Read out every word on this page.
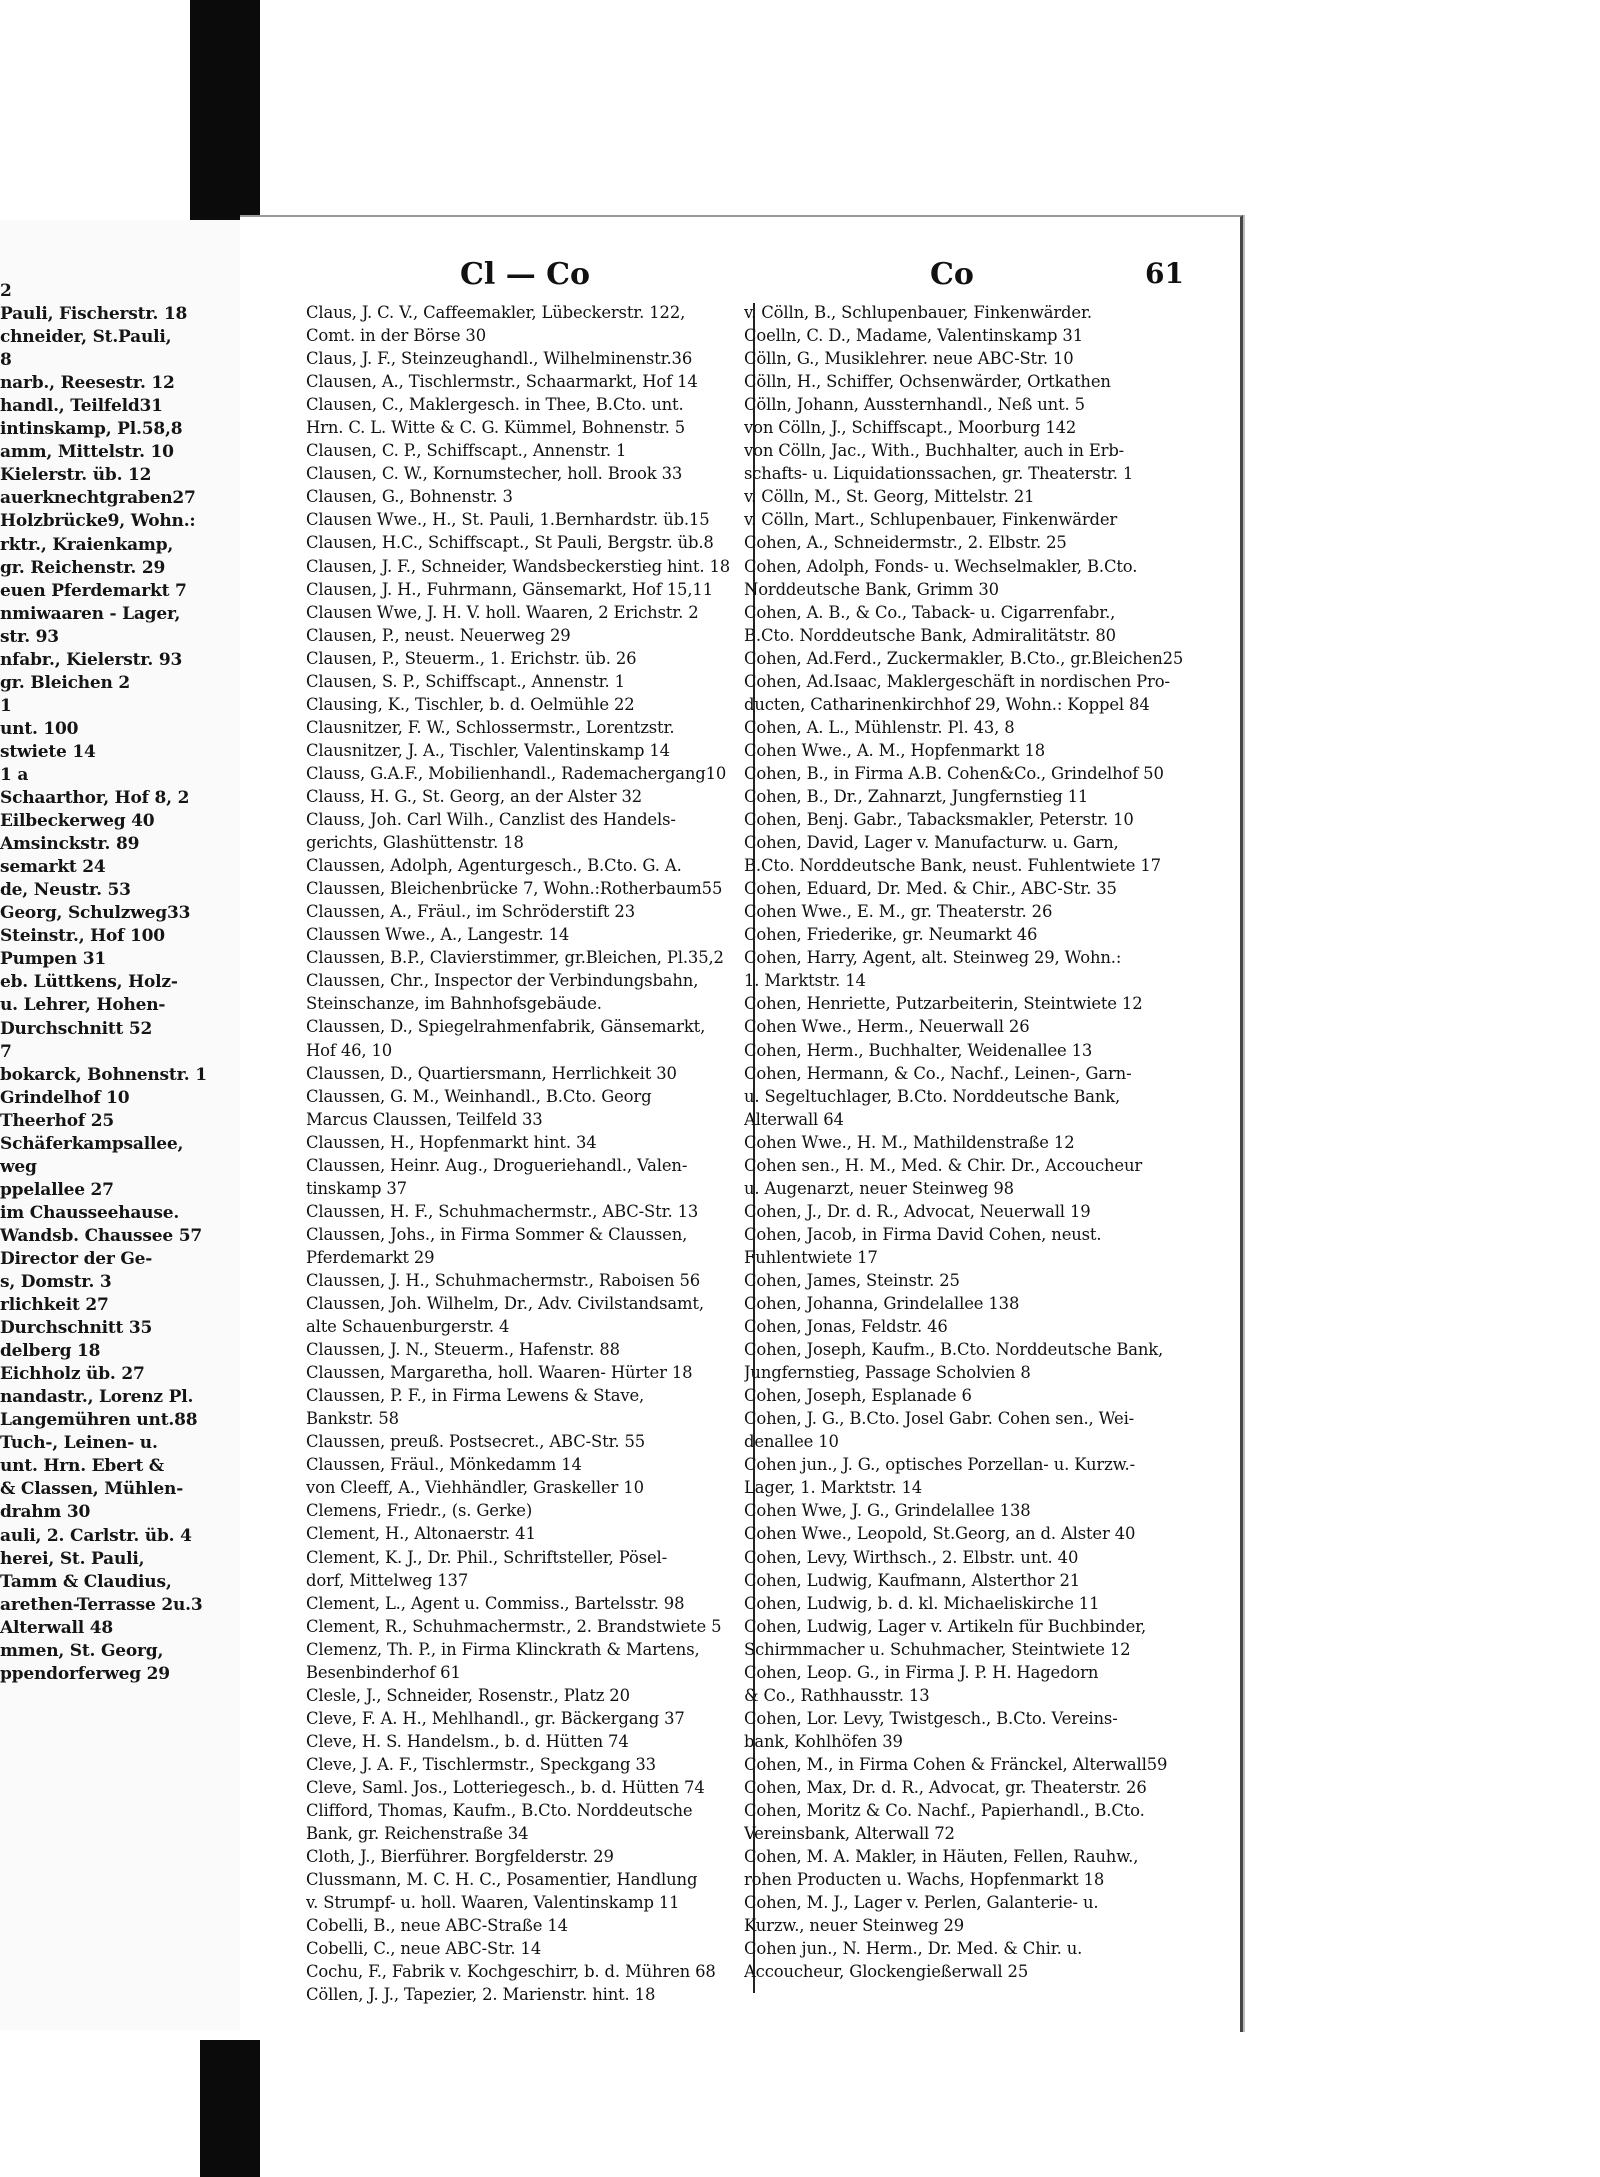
2
Pauli, Fischerstr. 18
chneider, St.Pauli,
8
narb., Reesestr. 12
handl., Teilfeld31
intinskamp, Pl.58,8
amm, Mittelstr. 10
Kielerstr. üb. 12
auerknechtgraben27
Holzbrücke9, Wohn.:
rktr., Kraienkamp,
gr. Reichenstr. 29
euen Pferdemarkt 7
nmiwaaren - Lager,
str. 93
nfabr., Kielerstr. 93
gr. Bleichen 2
1
unt. 100
stwiete 14
1 a
Schaarthor, Hof 8, 2
Eilbeckerweg 40
Amsinckstr. 89
semarkt 24
de, Neustr. 53
Georg, Schulzweg33
Steinstr., Hof 100
Pumpen 31
eb. Lüttkens, Holz-
u. Lehrer, Hohen-
Durchschnitt 52
7
bokarck, Bohnenstr. 1
Grindelhof 10
Theerhof 25
Schäferkampsallee,
weg
ppelallee 27
im Chausseehause.
Wandsb. Chaussee 57
Director der Ge-
s, Domstr. 3
rlichkeit 27
Durchschnitt 35
delberg 18
Eichholz üb. 27
nandastr., Lorenz Pl.
Langemühren unt.88
Tuch-, Leinen- u.
unt. Hrn. Ebert &
& Classen, Mühlen-
drahm 30
auli, 2. Carlstr. üb. 4
herei, St. Pauli,
Tamm & Claudius,
arethen-Terrasse 2u.3
Alterwall 48
mmen, St. Georg,
ppendorferweg 29
Cl — Co	Co	61
Claus, J. C. V., Caffeemakler, Lübeckerstr. 122,
Comt. in der Börse 30
Claus, J. F., Steinzeughandl., Wilhelminenstr.36
Clausen, A., Tischlermstr., Schaarmarkt, Hof 14
Clausen, C., Maklergesch. in Thee, B.Cto. unt.
Hrn. C. L. Witte & C. G. Kümmel, Bohnenstr. 5
Clausen, C. P., Schiffscapt., Annenstr. 1
Clausen, C. W., Kornumstecher, holl. Brook 33
Clausen, G., Bohnenstr. 3
Clausen Wwe., H., St. Pauli, 1.Bernhardstr. üb.15
Clausen, H.C., Schiffscapt., St Pauli, Bergstr. üb.8
Clausen, J. F., Schneider, Wandsbeckerstieg hint. 18
Clausen, J. H., Fuhrmann, Gänsemarkt, Hof 15,11
Clausen Wwe, J. H. V. holl. Waaren, 2 Erichstr. 2
Clausen, P., neust. Neuerweg 29
Clausen, P., Steuerm., 1. Erichstr. üb. 26
Clausen, S. P., Schiffscapt., Annenstr. 1
Clausing, K., Tischler, b. d. Oelmühle 22
Clausnitzer, F. W., Schlossermstr., Lorentzstr.
Clausnitzer, J. A., Tischler, Valentinskamp 14
Clauss, G.A.F., Mobilienhandl., Rademachergang10
Clauss, H. G., St. Georg, an der Alster 32
Clauss, Joh. Carl Wilh., Canzlist des Handels-
gerichts, Glashüttenstr. 18
Claussen, Adolph, Agenturgesch., B.Cto. G. A.
Claussen, Bleichenbrücke 7, Wohn.:Rotherbaum55
Claussen, A., Fräul., im Schröderstift 23
Claussen Wwe., A., Langestr. 14
Claussen, B.P., Clavierstimmer, gr.Bleichen, Pl.35,2
Claussen, Chr., Inspector der Verbindungsbahn,
Steinschanze, im Bahnhofsgebäude.
Claussen, D., Spiegelrahmenfabrik, Gänsemarkt,
Hof 46, 10
Claussen, D., Quartiersmann, Herrlichkeit 30
Claussen, G. M., Weinhandl., B.Cto. Georg
Marcus Claussen, Teilfeld 33
Claussen, H., Hopfenmarkt hint. 34
Claussen, Heinr. Aug., Drogueriehandl., Valen-
tinskamp 37
Claussen, H. F., Schuhmachermstr., ABC-Str. 13
Claussen, Johs., in Firma Sommer & Claussen,
Pferdemarkt 29
Claussen, J. H., Schuhmachermstr., Raboisen 56
Claussen, Joh. Wilhelm, Dr., Adv. Civilstandsamt,
alte Schauenburgerstr. 4
Claussen, J. N., Steuerm., Hafenstr. 88
Claussen, Margaretha, holl. Waaren- Hürter 18
Claussen, P. F., in Firma Lewens & Stave,
Bankstr. 58
Claussen, preuß. Postsecret., ABC-Str. 55
Claussen, Fräul., Mönkedamm 14
von Cleeff, A., Viehhändler, Graskeller 10
Clemens, Friedr., (s. Gerke)
Clement, H., Altonaerstr. 41
Clement, K. J., Dr. Phil., Schriftsteller, Pösel-
dorf, Mittelweg 137
Clement, L., Agent u. Commiss., Bartelsstr. 98
Clement, R., Schuhmachermstr., 2. Brandstwiete 5
Clemenz, Th. P., in Firma Klinckrath & Martens,
Besenbinderhof 61
Clesle, J., Schneider, Rosenstr., Platz 20
Cleve, F. A. H., Mehlhandl., gr. Bäckergang 37
Cleve, H. S. Handelsm., b. d. Hütten 74
Cleve, J. A. F., Tischlermstr., Speckgang 33
Cleve, Saml. Jos., Lotteriegesch., b. d. Hütten 74
Clifford, Thomas, Kaufm., B.Cto. Norddeutsche
Bank, gr. Reichenstraße 34
Cloth, J., Bierführer. Borgfelderstr. 29
Clussmann, M. C. H. C., Posamentier, Handlung
v. Strumpf- u. holl. Waaren, Valentinskamp 11
Cobelli, B., neue ABC-Straße 14
Cobelli, C., neue ABC-Str. 14
Cochu, F., Fabrik v. Kochgeschirr, b. d. Mühren 68
Cöllen, J. J., Tapezier, 2. Marienstr. hint. 18
v. Cölln, B., Schlupenbauer, Finkenwärder.
Coelln, C. D., Madame, Valentinskamp 31
Cölln, G., Musiklehrer. neue ABC-Str. 10
Cölln, H., Schiffer, Ochsenwärder, Ortkathen
Cölln, Johann, Aussternhandl., Neß unt. 5
von Cölln, J., Schiffscapt., Moorburg 142
von Cölln, Jac., With., Buchhalter, auch in Erb-
schafts- u. Liquidationssachen, gr. Theaterstr. 1
v. Cölln, M., St. Georg, Mittelstr. 21
v. Cölln, Mart., Schlupenbauer, Finkenwärder
Cohen, A., Schneidermstr., 2. Elbstr. 25
Cohen, Adolph, Fonds- u. Wechselmakler, B.Cto.
Norddeutsche Bank, Grimm 30
Cohen, A. B., & Co., Taback- u. Cigarrenfabr.,
B.Cto. Norddeutsche Bank, Admiralitätstr. 80
Cohen, Ad.Ferd., Zuckermakler, B.Cto., gr.Bleichen25
Cohen, Ad.Isaac, Maklergeschäft in nordischen Pro-
ducten, Catharinenkirchhof 29, Wohn.: Koppel 84
Cohen, A. L., Mühlenstr. Pl. 43, 8
Cohen Wwe., A. M., Hopfenmarkt 18
Cohen, B., in Firma A.B. Cohen&Co., Grindelhof 50
Cohen, B., Dr., Zahnarzt, Jungfernstieg 11
Cohen, Benj. Gabr., Tabacksmakler, Peterstr. 10
Cohen, David, Lager v. Manufacturw. u. Garn,
B.Cto. Norddeutsche Bank, neust. Fuhlentwiete 17
Cohen, Eduard, Dr. Med. & Chir., ABC-Str. 35
Cohen Wwe., E. M., gr. Theaterstr. 26
Cohen, Friederike, gr. Neumarkt 46
Cohen, Harry, Agent, alt. Steinweg 29, Wohn.:
1. Marktstr. 14
Cohen, Henriette, Putzarbeiterin, Steintwiete 12
Cohen Wwe., Herm., Neuerwall 26
Cohen, Herm., Buchhalter, Weidenallee 13
Cohen, Hermann, & Co., Nachf., Leinen-, Garn-
u. Segeltuchlager, B.Cto. Norddeutsche Bank,
Alterwall 64
Cohen Wwe., H. M., Mathildenstraße 12
Cohen sen., H. M., Med. & Chir. Dr., Accoucheur
u. Augenarzt, neuer Steinweg 98
Cohen, J., Dr. d. R., Advocat, Neuerwall 19
Cohen, Jacob, in Firma David Cohen, neust.
Fuhlentwiete 17
Cohen, James, Steinstr. 25
Cohen, Johanna, Grindelallee 138
Cohen, Jonas, Feldstr. 46
Cohen, Joseph, Kaufm., B.Cto. Norddeutsche Bank,
Jungfernstieg, Passage Scholvien 8
Cohen, Joseph, Esplanade 6
Cohen, J. G., B.Cto. Josel Gabr. Cohen sen., Wei-
denallee 10
Cohen jun., J. G., optisches Porzellan- u. Kurzw.-
Lager, 1. Marktstr. 14
Cohen Wwe, J. G., Grindelallee 138
Cohen Wwe., Leopold, St.Georg, an d. Alster 40
Cohen, Levy, Wirthsch., 2. Elbstr. unt. 40
Cohen, Ludwig, Kaufmann, Alsterthor 21
Cohen, Ludwig, b. d. kl. Michaeliskirche 11
Cohen, Ludwig, Lager v. Artikeln für Buchbinder,
Schirmmacher u. Schuhmacher, Steintwiete 12
Cohen, Leop. G., in Firma J. P. H. Hagedorn
& Co., Rathhausstr. 13
Cohen, Lor. Levy, Twistgesch., B.Cto. Vereins-
bank, Kohlhöfen 39
Cohen, M., in Firma Cohen & Fränckel, Alterwall59
Cohen, Max, Dr. d. R., Advocat, gr. Theaterstr. 26
Cohen, Moritz & Co. Nachf., Papierhandl., B.Cto.
Vereinsbank, Alterwall 72
Cohen, M. A. Makler, in Häuten, Fellen, Rauhw.,
rohen Producten u. Wachs, Hopfenmarkt 18
Cohen, M. J., Lager v. Perlen, Galanterie- u.
Kurzw., neuer Steinweg 29
Cohen jun., N. Herm., Dr. Med. & Chir. u.
Accoucheur, Glockengießerwall 25
